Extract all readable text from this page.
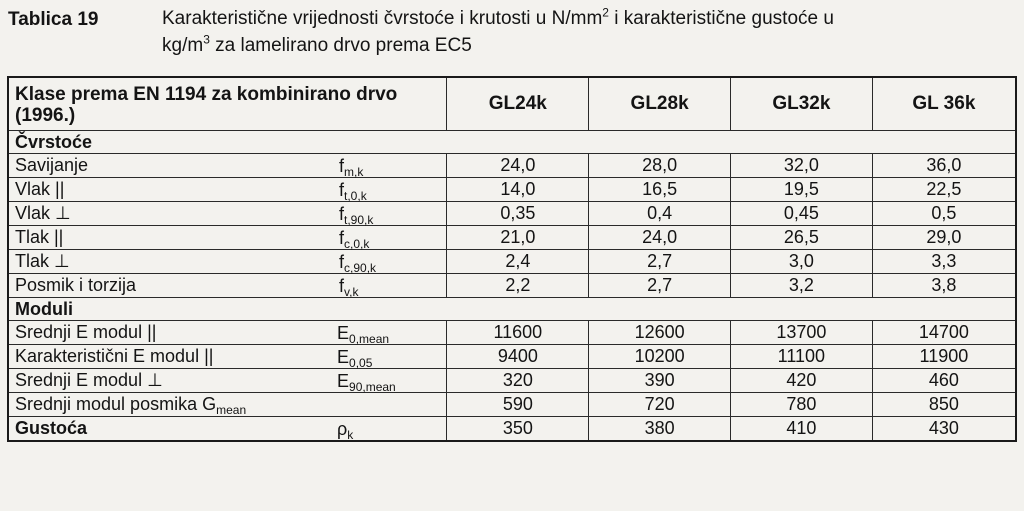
Tablica 19	Karakteristične vrijednosti čvrstoće i krutosti u $N/mm^2$ i karakteristične gustoće u
$kg/m^3$ za lamelirano drvo prema EC5
Klase prema EN 1194 za kombinirano drvo (1996.)	GL24k	GL28k	GL32k	GL 36k
Čvrstoće				

Savijanje $f_{m,k}$	24,0	28,0	32,0	36,0

Vlak || $f_{t,0,k}$	14,0	16,5	19,5	22,5

Vlak ⊥ $f_{t,90,k}$	0,35	0,4	0,45	0,5

Tlak || $f_{c,0,k}$	21,0	24,0	26,5	29,0

Tlak ⊥ $f_{c,90,k}$	2,4	2,7	3,0	3,3

Posmik i torzija $f_{v,k}$	2,2	2,7	3,2	3,8
Moduli				

Srednji E modul || $E_{0,mean}$	11600	12600	13700	14700

Karakteristični E modul || $E_{0,05}$	9400	10200	11100	11900

Srednji E modul ⊥ $E_{90,mean}$	320	390	420	460

Srednji modul posmika $G_{mean}$	590	720	780	850

Gustoća $\rho_k$	350	380	410	430
